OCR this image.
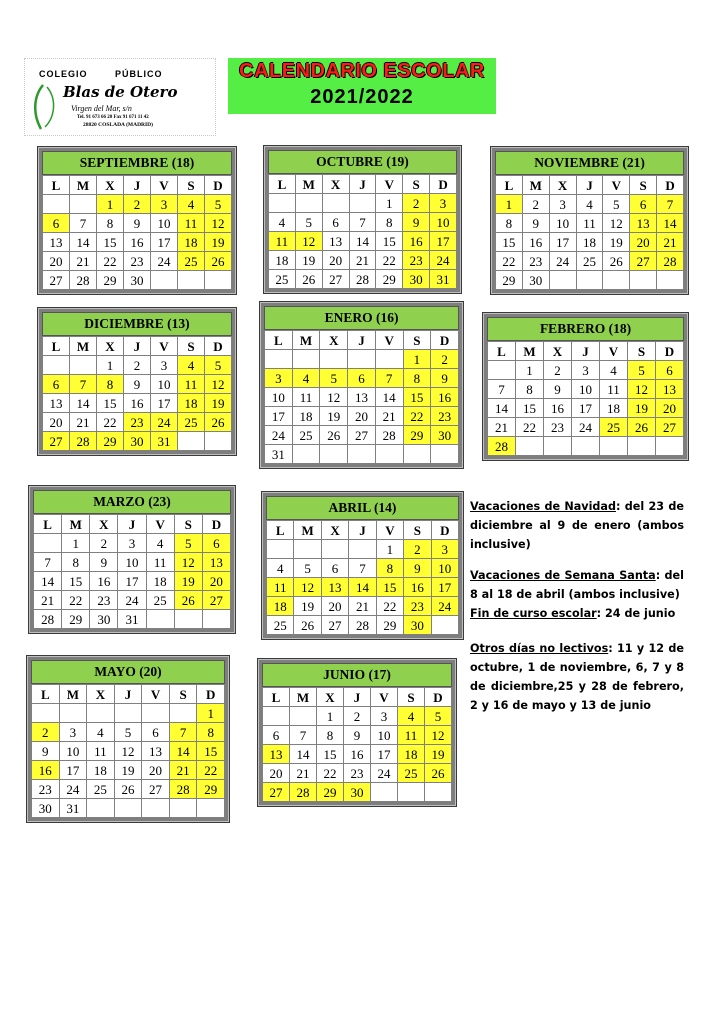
COLEGIO PÚBLICO
Blas de Otero
Virgen del Mar, s/n
Tel. 91 673 66 20 Fax 91 671 11 42
28820 COSLADA (MADRID)
CALENDARIO ESCOLAR
2021/2022
SEPTIEMBRE (18)
L	M	X	J	V	S	D
		1	2	3	4	5
6	7	8	9	10	11	12
13	14	15	16	17	18	19
20	21	22	23	24	25	26
27	28	29	30			
OCTUBRE (19)
L	M	X	J	V	S	D
				1	2	3
4	5	6	7	8	9	10
11	12	13	14	15	16	17
18	19	20	21	22	23	24
25	26	27	28	29	30	31
NOVIEMBRE (21)
L	M	X	J	V	S	D
1	2	3	4	5	6	7
8	9	10	11	12	13	14
15	16	17	18	19	20	21
22	23	24	25	26	27	28
29	30					
DICIEMBRE (13)
L	M	X	J	V	S	D
		1	2	3	4	5
6	7	8	9	10	11	12
13	14	15	16	17	18	19
20	21	22	23	24	25	26
27	28	29	30	31		
ENERO (16)
L	M	X	J	V	S	D
					1	2
3	4	5	6	7	8	9
10	11	12	13	14	15	16
17	18	19	20	21	22	23
24	25	26	27	28	29	30
31						
FEBRERO (18)
L	M	X	J	V	S	D
	1	2	3	4	5	6
7	8	9	10	11	12	13
14	15	16	17	18	19	20
21	22	23	24	25	26	27
28						
MARZO (23)
L	M	X	J	V	S	D
	1	2	3	4	5	6
7	8	9	10	11	12	13
14	15	16	17	18	19	20
21	22	23	24	25	26	27
28	29	30	31			
ABRIL (14)
L	M	X	J	V	S	D
				1	2	3
4	5	6	7	8	9	10
11	12	13	14	15	16	17
18	19	20	21	22	23	24
25	26	27	28	29	30	
MAYO (20)
L	M	X	J	V	S	D
						1
2	3	4	5	6	7	8
9	10	11	12	13	14	15
16	17	18	19	20	21	22
23	24	25	26	27	28	29
30	31					
JUNIO (17)
L	M	X	J	V	S	D
		1	2	3	4	5
6	7	8	9	10	11	12
13	14	15	16	17	18	19
20	21	22	23	24	25	26
27	28	29	30			

Vacaciones de Navidad: del 23 de diciembre al 9 de enero (ambos inclusive)

Vacaciones de Semana Santa: del 8 al 18 de abril (ambos inclusive)

Fin de curso escolar: 24 de junio

Otros días no lectivos: 11 y 12 de octubre, 1 de noviembre, 6, 7 y 8 de diciembre,25 y 28 de febrero, 2 y 16 de mayo y 13 de junio
